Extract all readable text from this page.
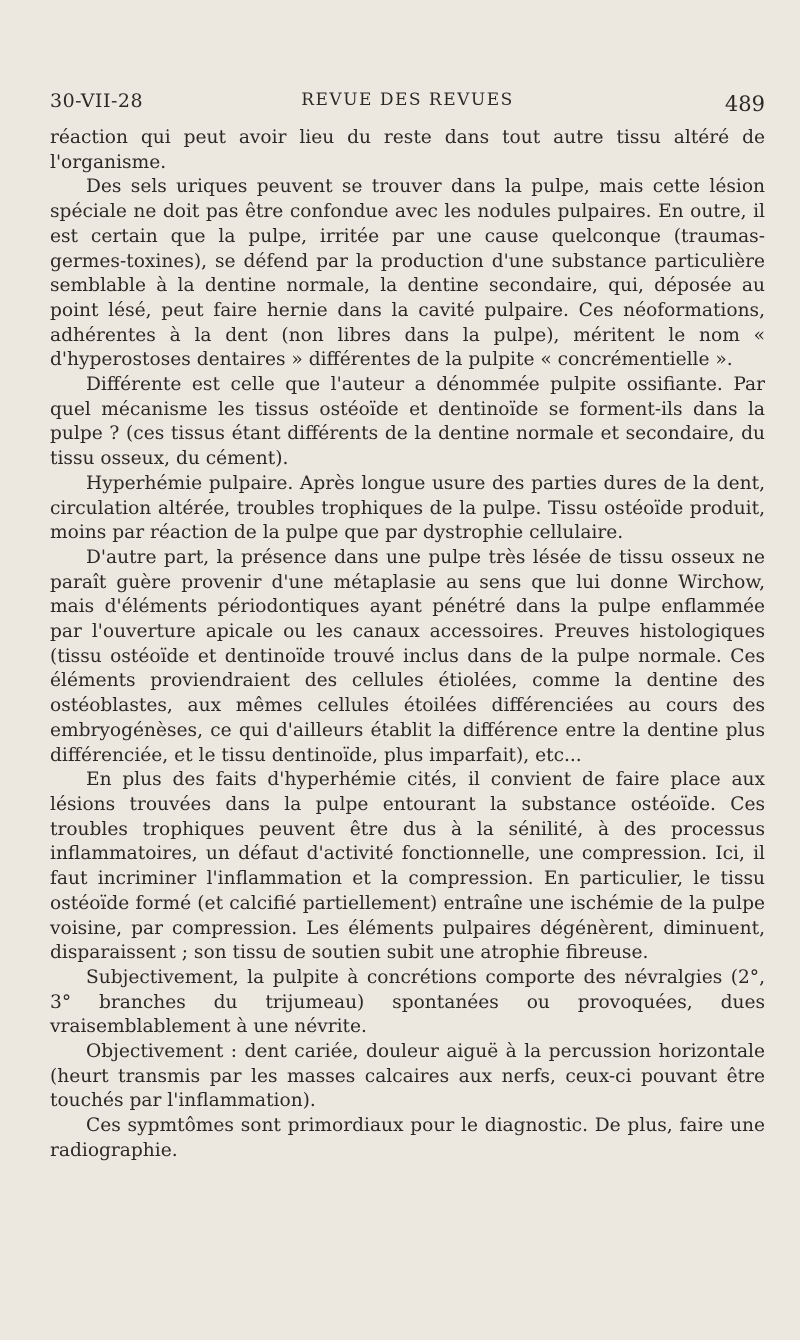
30-VII-28	REVUE DES REVUES	489

réaction qui peut avoir lieu du reste dans tout autre tissu altéré de l'organisme.

Des sels uriques peuvent se trouver dans la pulpe, mais cette lésion spéciale ne doit pas être confondue avec les nodules pulpaires. En outre, il est certain que la pulpe, irritée par une cause quelconque (traumas-germes-toxines), se défend par la production d'une substance particulière semblable à la dentine normale, la dentine secondaire, qui, déposée au point lésé, peut faire hernie dans la cavité pulpaire. Ces néoformations, adhérentes à la dent (non libres dans la pulpe), méritent le nom « d'hyperostoses dentaires » différentes de la pulpite « concrémentielle ».

Différente est celle que l'auteur a dénommée pulpite ossifiante. Par quel mécanisme les tissus ostéoïde et dentinoïde se forment-ils dans la pulpe ? (ces tissus étant différents de la dentine normale et secondaire, du tissu osseux, du cément).

Hyperhémie pulpaire. Après longue usure des parties dures de la dent, circulation altérée, troubles trophiques de la pulpe. Tissu ostéoïde produit, moins par réaction de la pulpe que par dystrophie cellulaire.

D'autre part, la présence dans une pulpe très lésée de tissu osseux ne paraît guère provenir d'une métaplasie au sens que lui donne Wirchow, mais d'éléments périodontiques ayant pénétré dans la pulpe enflammée par l'ouverture apicale ou les canaux accessoires. Preuves histologiques (tissu ostéoïde et dentinoïde trouvé inclus dans de la pulpe normale. Ces éléments proviendraient des cellules étiolées, comme la dentine des ostéoblastes, aux mêmes cellules étoilées différenciées au cours des embryogénèses, ce qui d'ailleurs établit la différence entre la dentine plus différenciée, et le tissu dentinoïde, plus imparfait), etc...

En plus des faits d'hyperhémie cités, il convient de faire place aux lésions trouvées dans la pulpe entourant la substance ostéoïde. Ces troubles trophiques peuvent être dus à la sénilité, à des processus inflammatoires, un défaut d'activité fonctionnelle, une compression. Ici, il faut incriminer l'inflammation et la compression. En particulier, le tissu ostéoïde formé (et calcifié partiellement) entraîne une ischémie de la pulpe voisine, par compression. Les éléments pulpaires dégénèrent, diminuent, disparaissent ; son tissu de soutien subit une atrophie fibreuse.

Subjectivement, la pulpite à concrétions comporte des névralgies (2°, 3° branches du trijumeau) spontanées ou provoquées, dues vraisemblablement à une névrite.

Objectivement : dent cariée, douleur aiguë à la percussion horizontale (heurt transmis par les masses calcaires aux nerfs, ceux-ci pouvant être touchés par l'inflammation).

Ces sypmtômes sont primordiaux pour le diagnostic. De plus, faire une radiographie.
